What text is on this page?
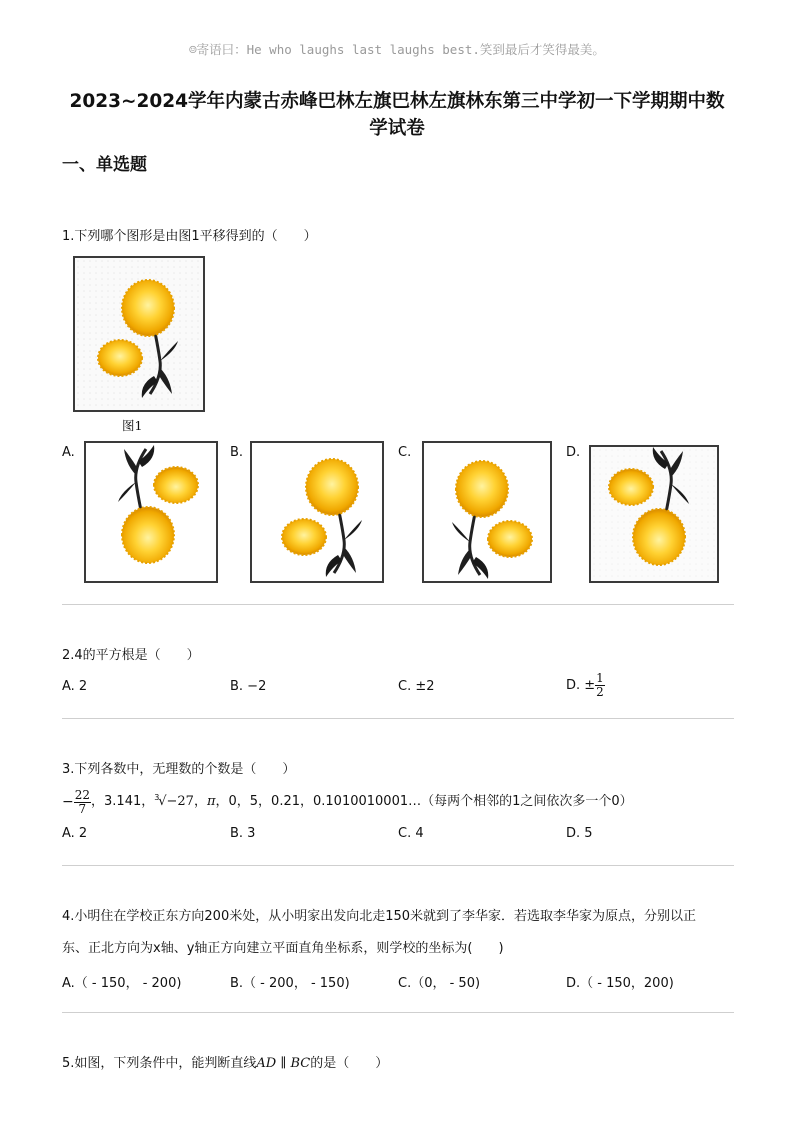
☺寄语曰：He who laughs last laughs best.笑到最后才笑得最美。
2023~2024学年内蒙古赤峰巴林左旗巴林左旗林东第三中学初一下学期期中数
学试卷
一、单选题
1.下列哪个图形是由图1平移得到的（　　）
图1
A.	B.	C.	D.
2.4的平方根是（　　）
A. 2	B. −2	C. ±2	D. ± $\frac{1}{2}$
3.下列各数中，无理数的个数是（　　）
− $\frac{22}{7}$ ，3.141， 3
√−27 ， π ，0，5，0.21，0.1010010001…（每两个相邻的1之间依次多一个0）
A. 2	B. 3	C. 4	D. 5
4.小明住在学校正东方向200米处，从小明家出发向北走150米就到了李华家．若选取李华家为原点，分别以正
东、正北方向为x轴、y轴正方向建立平面直角坐标系，则学校的坐标为(　　)
A.（ - 150， - 200)	B.（ - 200， - 150)	C.（0， - 50)	D.（ - 150，200)
5.如图，下列条件中，能判断直线AD ∥ BC的是（　　）
